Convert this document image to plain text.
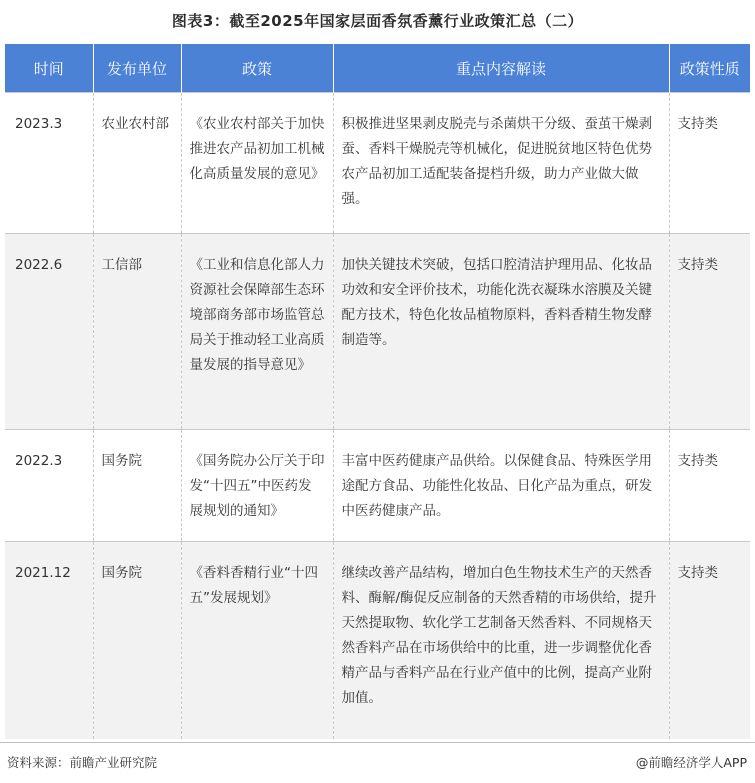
图表3：截至2025年国家层面香氛香薰行业政策汇总（二）
时间	发布单位	政策	重点内容解读	政策性质
2023.3	农业农村部	《农业农村部关于加快推进农产品初加工机械化高质量发展的意见》	积极推进坚果剥皮脱壳与杀菌烘干分级、蚕茧干燥剥蚕、香料干燥脱壳等机械化，促进脱贫地区特色优势农产品初加工适配装备提档升级，助力产业做大做强。	支持类
2022.6	工信部	《工业和信息化部人力资源社会保障部生态环境部商务部市场监管总局关于推动轻工业高质量发展的指导意见》	加快关键技术突破，包括口腔清洁护理用品、化妆品功效和安全评价技术，功能化洗衣凝珠水溶膜及关键配方技术，特色化妆品植物原料，香料香精生物发酵制造等。	支持类
2022.3	国务院	《国务院办公厅关于印发“十四五”中医药发展规划的通知》	丰富中医药健康产品供给。以保健食品、特殊医学用途配方食品、功能性化妆品、日化产品为重点，研发中医药健康产品。	支持类
2021.12	国务院	《香料香精行业“十四五”发展规划》	继续改善产品结构，增加白色生物技术生产的天然香料、酶解/酶促反应制备的天然香精的市场供给，提升天然提取物、软化学工艺制备天然香料、不同规格天然香料产品在市场供给中的比重，进一步调整优化香精产品与香料产品在行业产值中的比例，提高产业附加值。	支持类
资料来源：前瞻产业研究院	@前瞻经济学人APP
